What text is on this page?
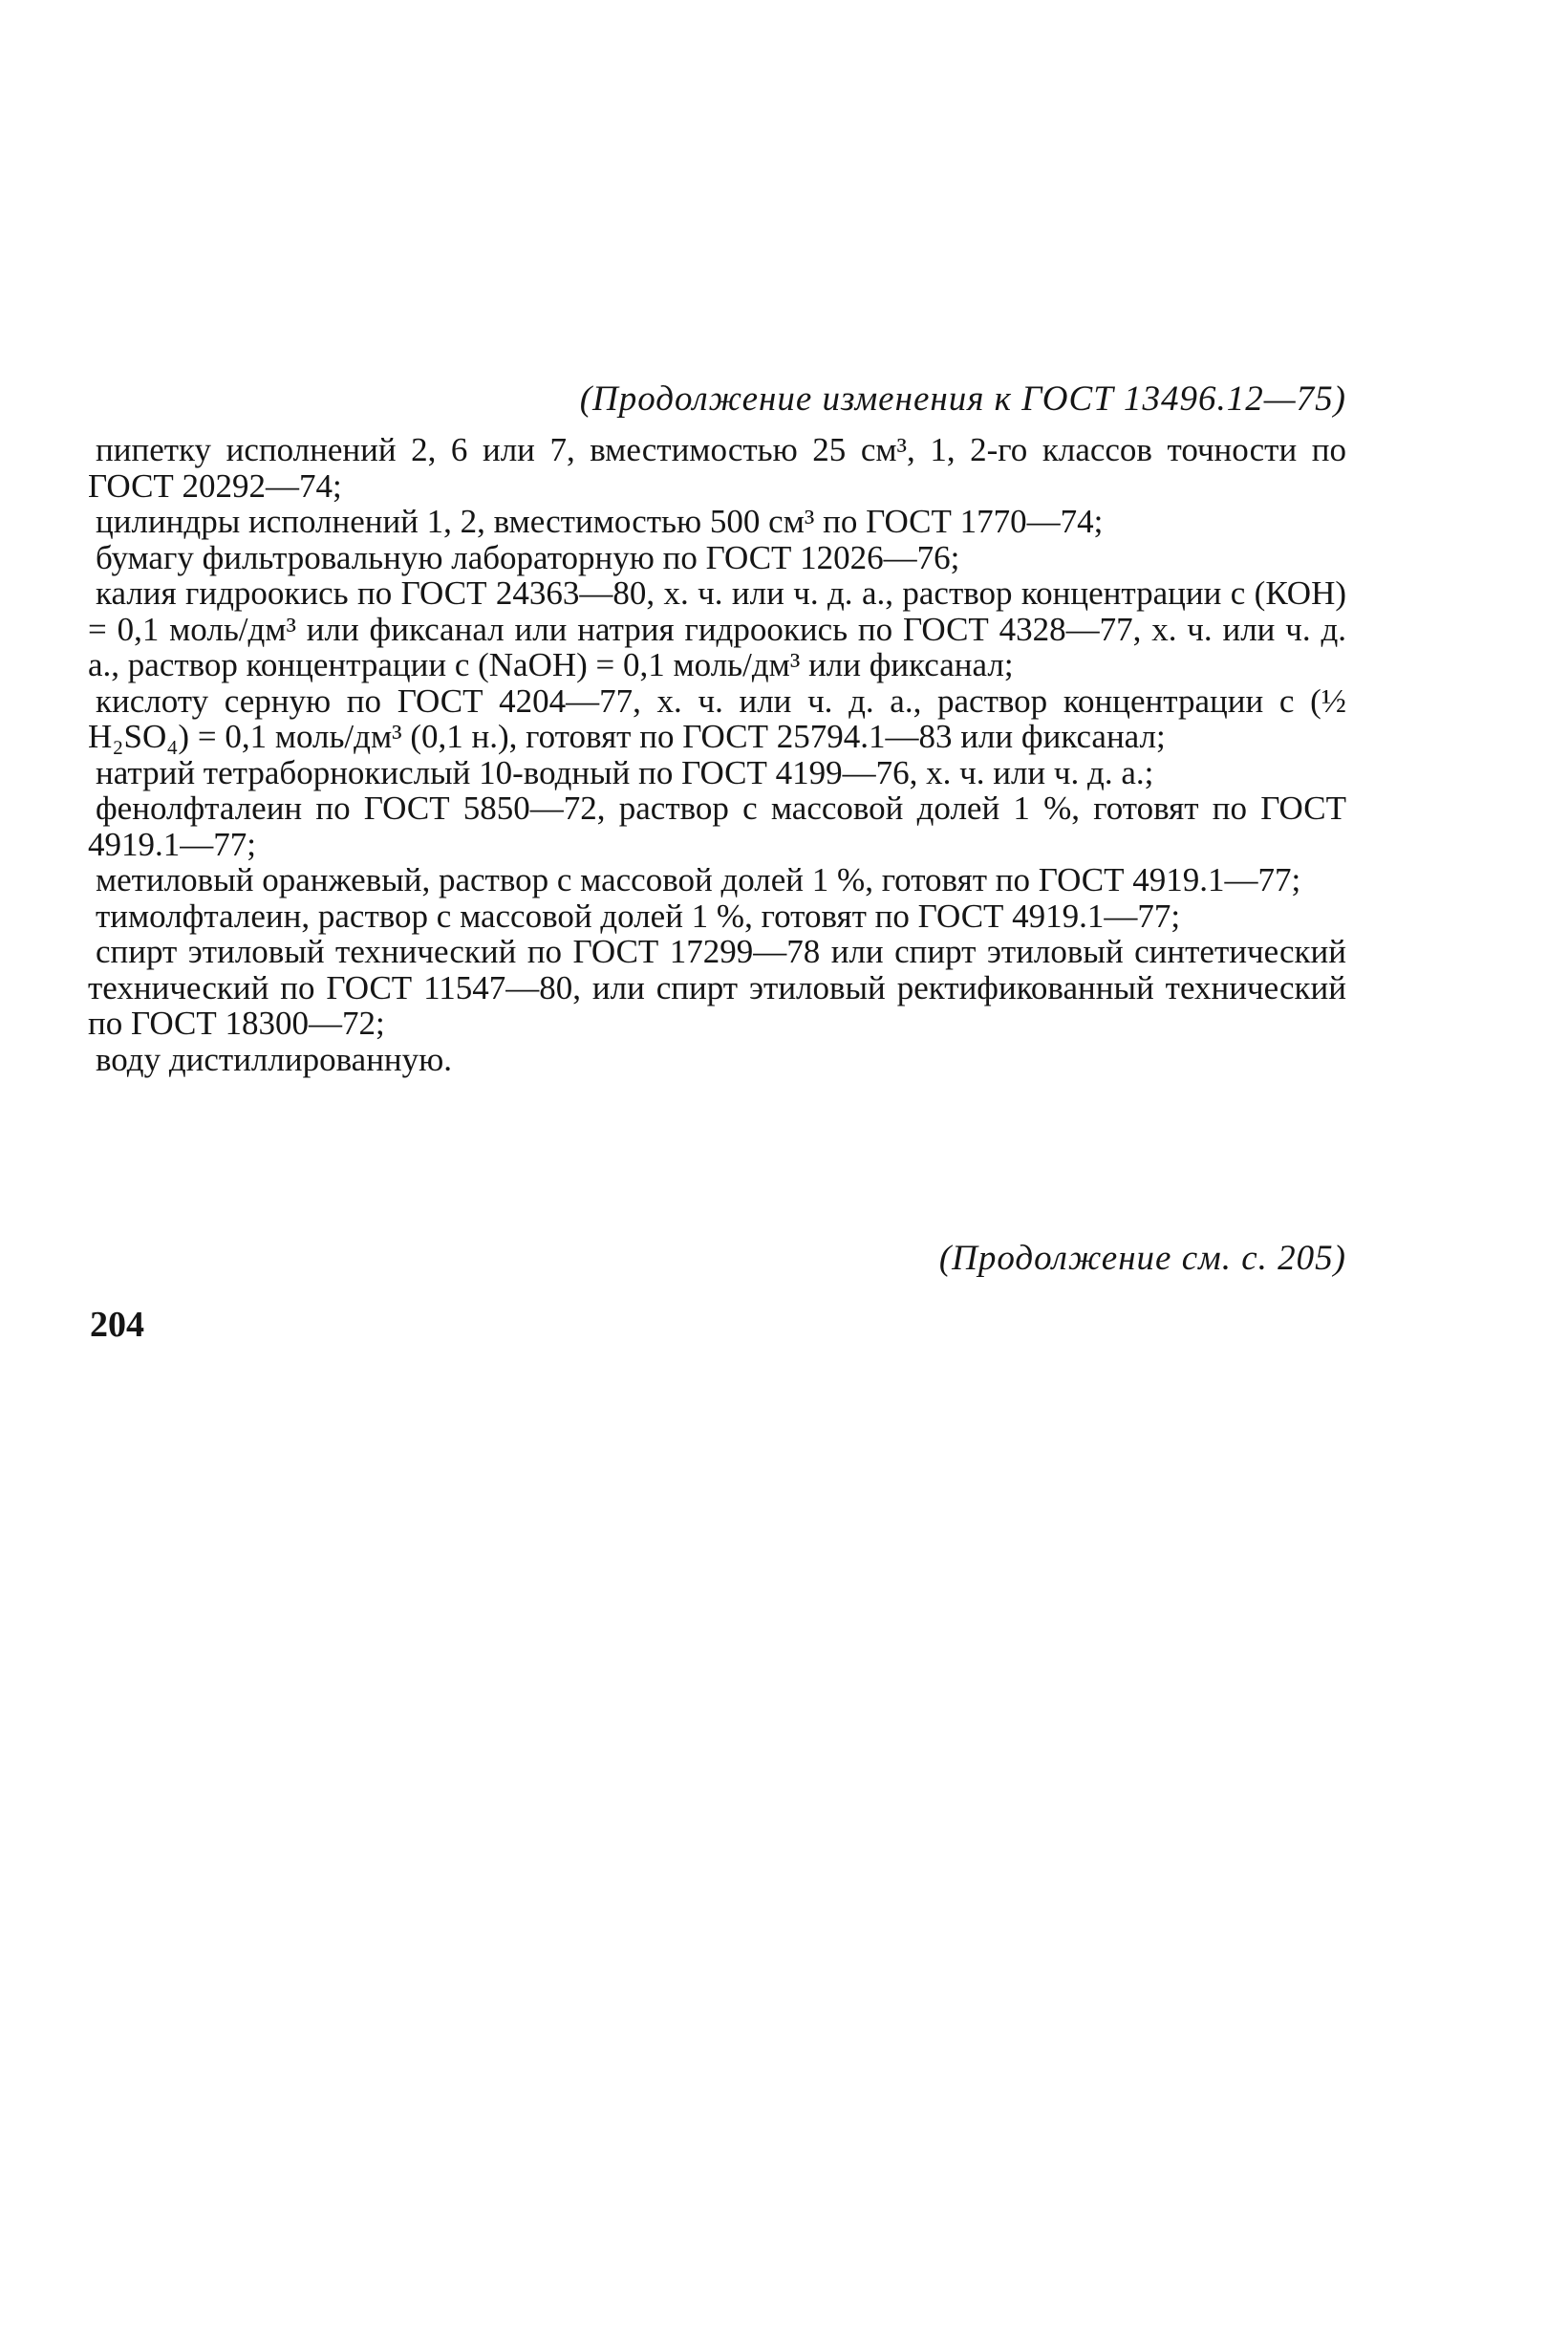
(Продолжение изменения к ГОСТ 13496.12—75)

пипетку исполнений 2, 6 или 7, вместимостью 25 см³, 1, 2-го классов точности по ГОСТ 20292—74;

цилиндры исполнений 1, 2, вместимостью 500 см³ по ГОСТ 1770—74;

бумагу фильтровальную лабораторную по ГОСТ 12026—76;

калия гидроокись по ГОСТ 24363—80, х. ч. или ч. д. а., раствор концентрации c (КОН) = 0,1 моль/дм³ или фиксанал или натрия гидроокись по ГОСТ 4328—77, х. ч. или ч. д. а., раствор концентрации c (NaOH) = 0,1 моль/дм³ или фиксанал;

кислоту серную по ГОСТ 4204—77, х. ч. или ч. д. а., раствор концентрации c (½ H₂SO₄) = 0,1 моль/дм³ (0,1 н.), готовят по ГОСТ 25794.1—83 или фиксанал;

натрий тетраборнокислый 10-водный по ГОСТ 4199—76, х. ч. или ч. д. а.;

фенолфталеин по ГОСТ 5850—72, раствор с массовой долей 1 %, готовят по ГОСТ 4919.1—77;

метиловый оранжевый, раствор с массовой долей 1 %, готовят по ГОСТ 4919.1—77;

тимолфталеин, раствор с массовой долей 1 %, готовят по ГОСТ 4919.1—77;

спирт этиловый технический по ГОСТ 17299—78 или спирт этиловый синтетический технический по ГОСТ 11547—80, или спирт этиловый ректификованный технический по ГОСТ 18300—72;

воду дистиллированную.

(Продолжение см. с. 205)
204
